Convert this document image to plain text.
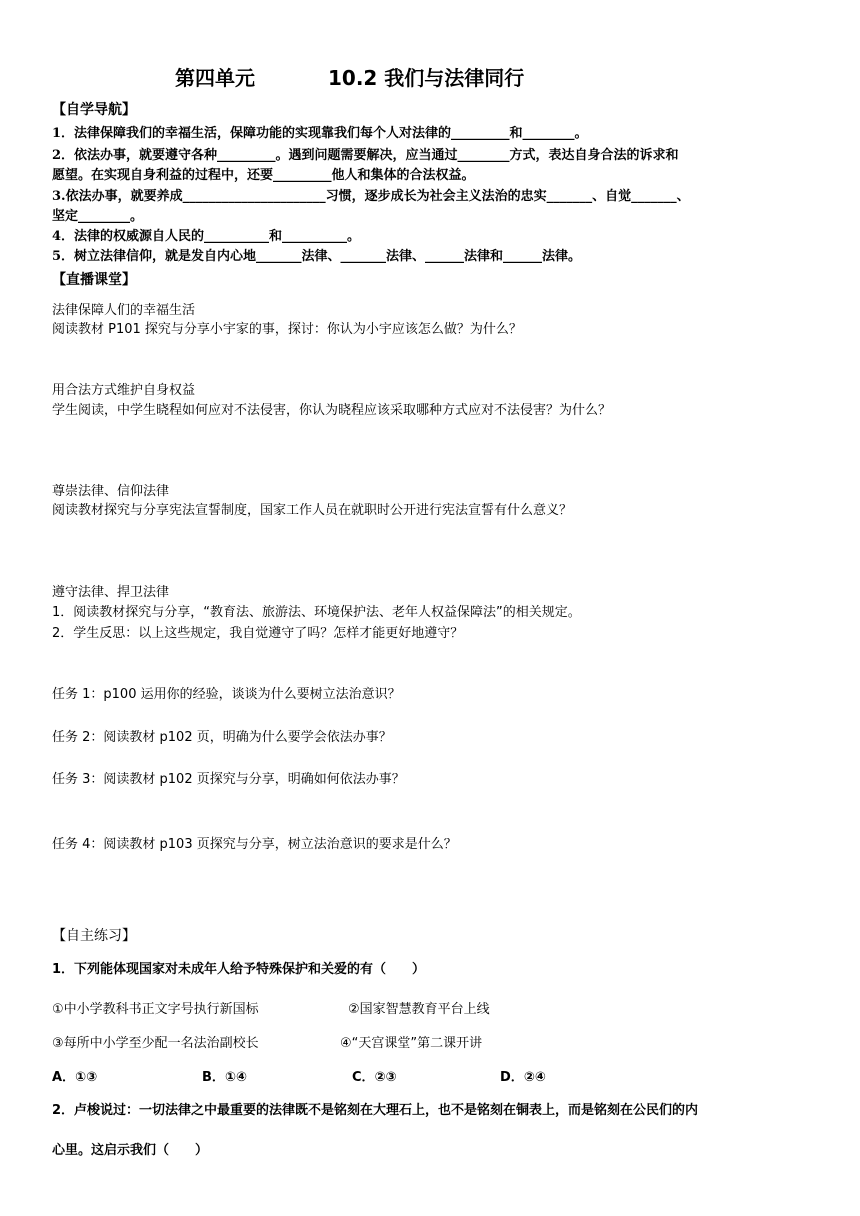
第四单元	10.2 我们与法律同行
【自学导航】
1．法律保障我们的幸福生活，保障功能的实现靠我们每个人对法律的_________和________。
2．依法办事，就要遵守各种_________。遇到问题需要解决，应当通过________方式，表达自身合法的诉求和
愿望。在实现自身利益的过程中，还要_________他人和集体的合法权益。
3.依法办事，就要养成______________________习惯，逐步成长为社会主义法治的忠实_______、自觉_______、
坚定________。
4．法律的权威源自人民的__________和__________。
5．树立法律信仰，就是发自内心地_______法律、_______法律、______法律和______法律。
【直播课堂】
法律保障人们的幸福生活
阅读教材 P101 探究与分享小宇家的事，探讨：你认为小宇应该怎么做？为什么？
用合法方式维护自身权益
学生阅读，中学生晓程如何应对不法侵害，你认为晓程应该采取哪种方式应对不法侵害？为什么？
尊崇法律、信仰法律
阅读教材探究与分享宪法宣誓制度，国家工作人员在就职时公开进行宪法宣誓有什么意义？
遵守法律、捍卫法律
1．阅读教材探究与分享，“教育法、旅游法、环境保护法、老年人权益保障法”的相关规定。
2．学生反思：以上这些规定，我自觉遵守了吗？怎样才能更好地遵守？
任务 1：p100 运用你的经验，谈谈为什么要树立法治意识？
任务 2：阅读教材 p102 页，明确为什么要学会依法办事？
任务 3：阅读教材 p102 页探究与分享，明确如何依法办事？
任务 4：阅读教材 p103 页探究与分享，树立法治意识的要求是什么？
【自主练习】
1．下列能体现国家对未成年人给予特殊保护和关爱的有（　　）
①中小学教科书正文字号执行新国标	②国家智慧教育平台上线
③每所中小学至少配一名法治副校长	④“天宫课堂”第二课开讲
A．①③	B．①④	C．②③	D．②④
2．卢梭说过：一切法律之中最重要的法律既不是铭刻在大理石上，也不是铭刻在铜表上，而是铭刻在公民们的内
心里。这启示我们（　　）
